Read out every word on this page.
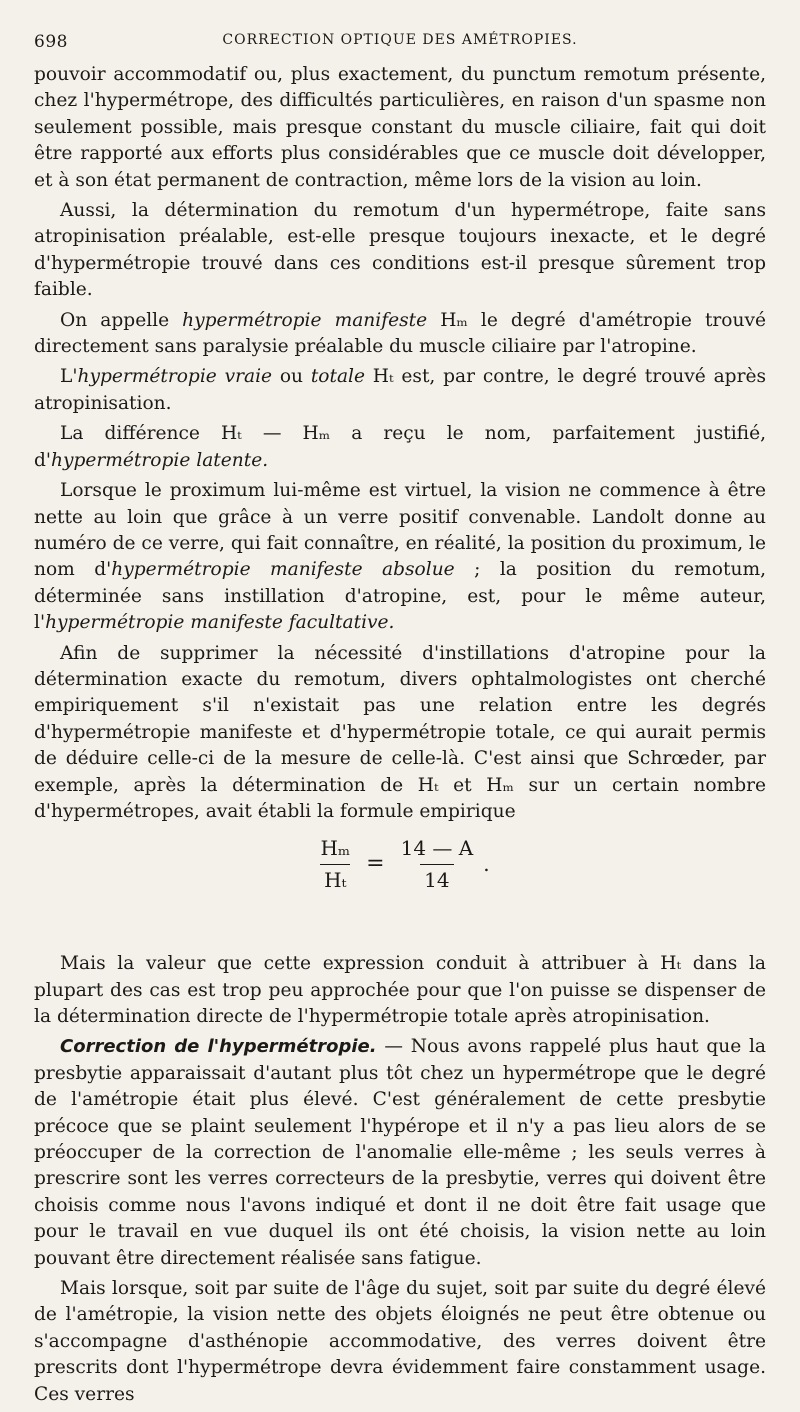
698	CORRECTION OPTIQUE DES AMÉTROPIES.

pouvoir accommodatif ou, plus exactement, du punctum remotum présente, chez l'hypermétrope, des difficultés particulières, en raison d'un spasme non seulement possible, mais presque constant du muscle ciliaire, fait qui doit être rapporté aux efforts plus considérables que ce muscle doit développer, et à son état permanent de contraction, même lors de la vision au loin.

Aussi, la détermination du remotum d'un hypermétrope, faite sans atropinisation préalable, est-elle presque toujours inexacte, et le degré d'hypermétropie trouvé dans ces conditions est-il presque sûrement trop faible.

On appelle hypermétropie manifeste Hₘ le degré d'amétropie trouvé directement sans paralysie préalable du muscle ciliaire par l'atropine.

L'hypermétropie vraie ou totale Hₜ est, par contre, le degré trouvé après atropinisation.

La différence Hₜ — Hₘ a reçu le nom, parfaitement justifié, d'hypermétropie latente.

Lorsque le proximum lui-même est virtuel, la vision ne commence à être nette au loin que grâce à un verre positif convenable. Landolt donne au numéro de ce verre, qui fait connaître, en réalité, la position du proximum, le nom d'hypermétropie manifeste absolue ; la position du remotum, déterminée sans instillation d'atropine, est, pour le même auteur, l'hypermétropie manifeste facultative.

Afin de supprimer la nécessité d'instillations d'atropine pour la détermination exacte du remotum, divers ophtalmologistes ont cherché empiriquement s'il n'existait pas une relation entre les degrés d'hypermétropie manifeste et d'hypermétropie totale, ce qui aurait permis de déduire celle-ci de la mesure de celle-là. C'est ainsi que Schrœder, par exemple, après la détermination de Hₜ et Hₘ sur un certain nombre d'hypermétropes, avait établi la formule empirique

$\frac{\text{Hₘ}}{\text{Hₜ}} = \frac{14 — A}{14}$ .

Mais la valeur que cette expression conduit à attribuer à Hₜ dans la plupart des cas est trop peu approchée pour que l'on puisse se dispenser de la détermination directe de l'hypermétropie totale après atropinisation.

Correction de l'hypermétropie. — Nous avons rappelé plus haut que la presbytie apparaissait d'autant plus tôt chez un hypermétrope que le degré de l'amétropie était plus élevé. C'est généralement de cette presbytie précoce que se plaint seulement l'hypérope et il n'y a pas lieu alors de se préoccuper de la correction de l'anomalie elle-même ; les seuls verres à prescrire sont les verres correcteurs de la presbytie, verres qui doivent être choisis comme nous l'avons indiqué et dont il ne doit être fait usage que pour le travail en vue duquel ils ont été choisis, la vision nette au loin pouvant être directement réalisée sans fatigue.

Mais lorsque, soit par suite de l'âge du sujet, soit par suite du degré élevé de l'amétropie, la vision nette des objets éloignés ne peut être obtenue ou s'accompagne d'asthénopie accommodative, des verres doivent être prescrits dont l'hypermétrope devra évidemment faire constamment usage. Ces verres
